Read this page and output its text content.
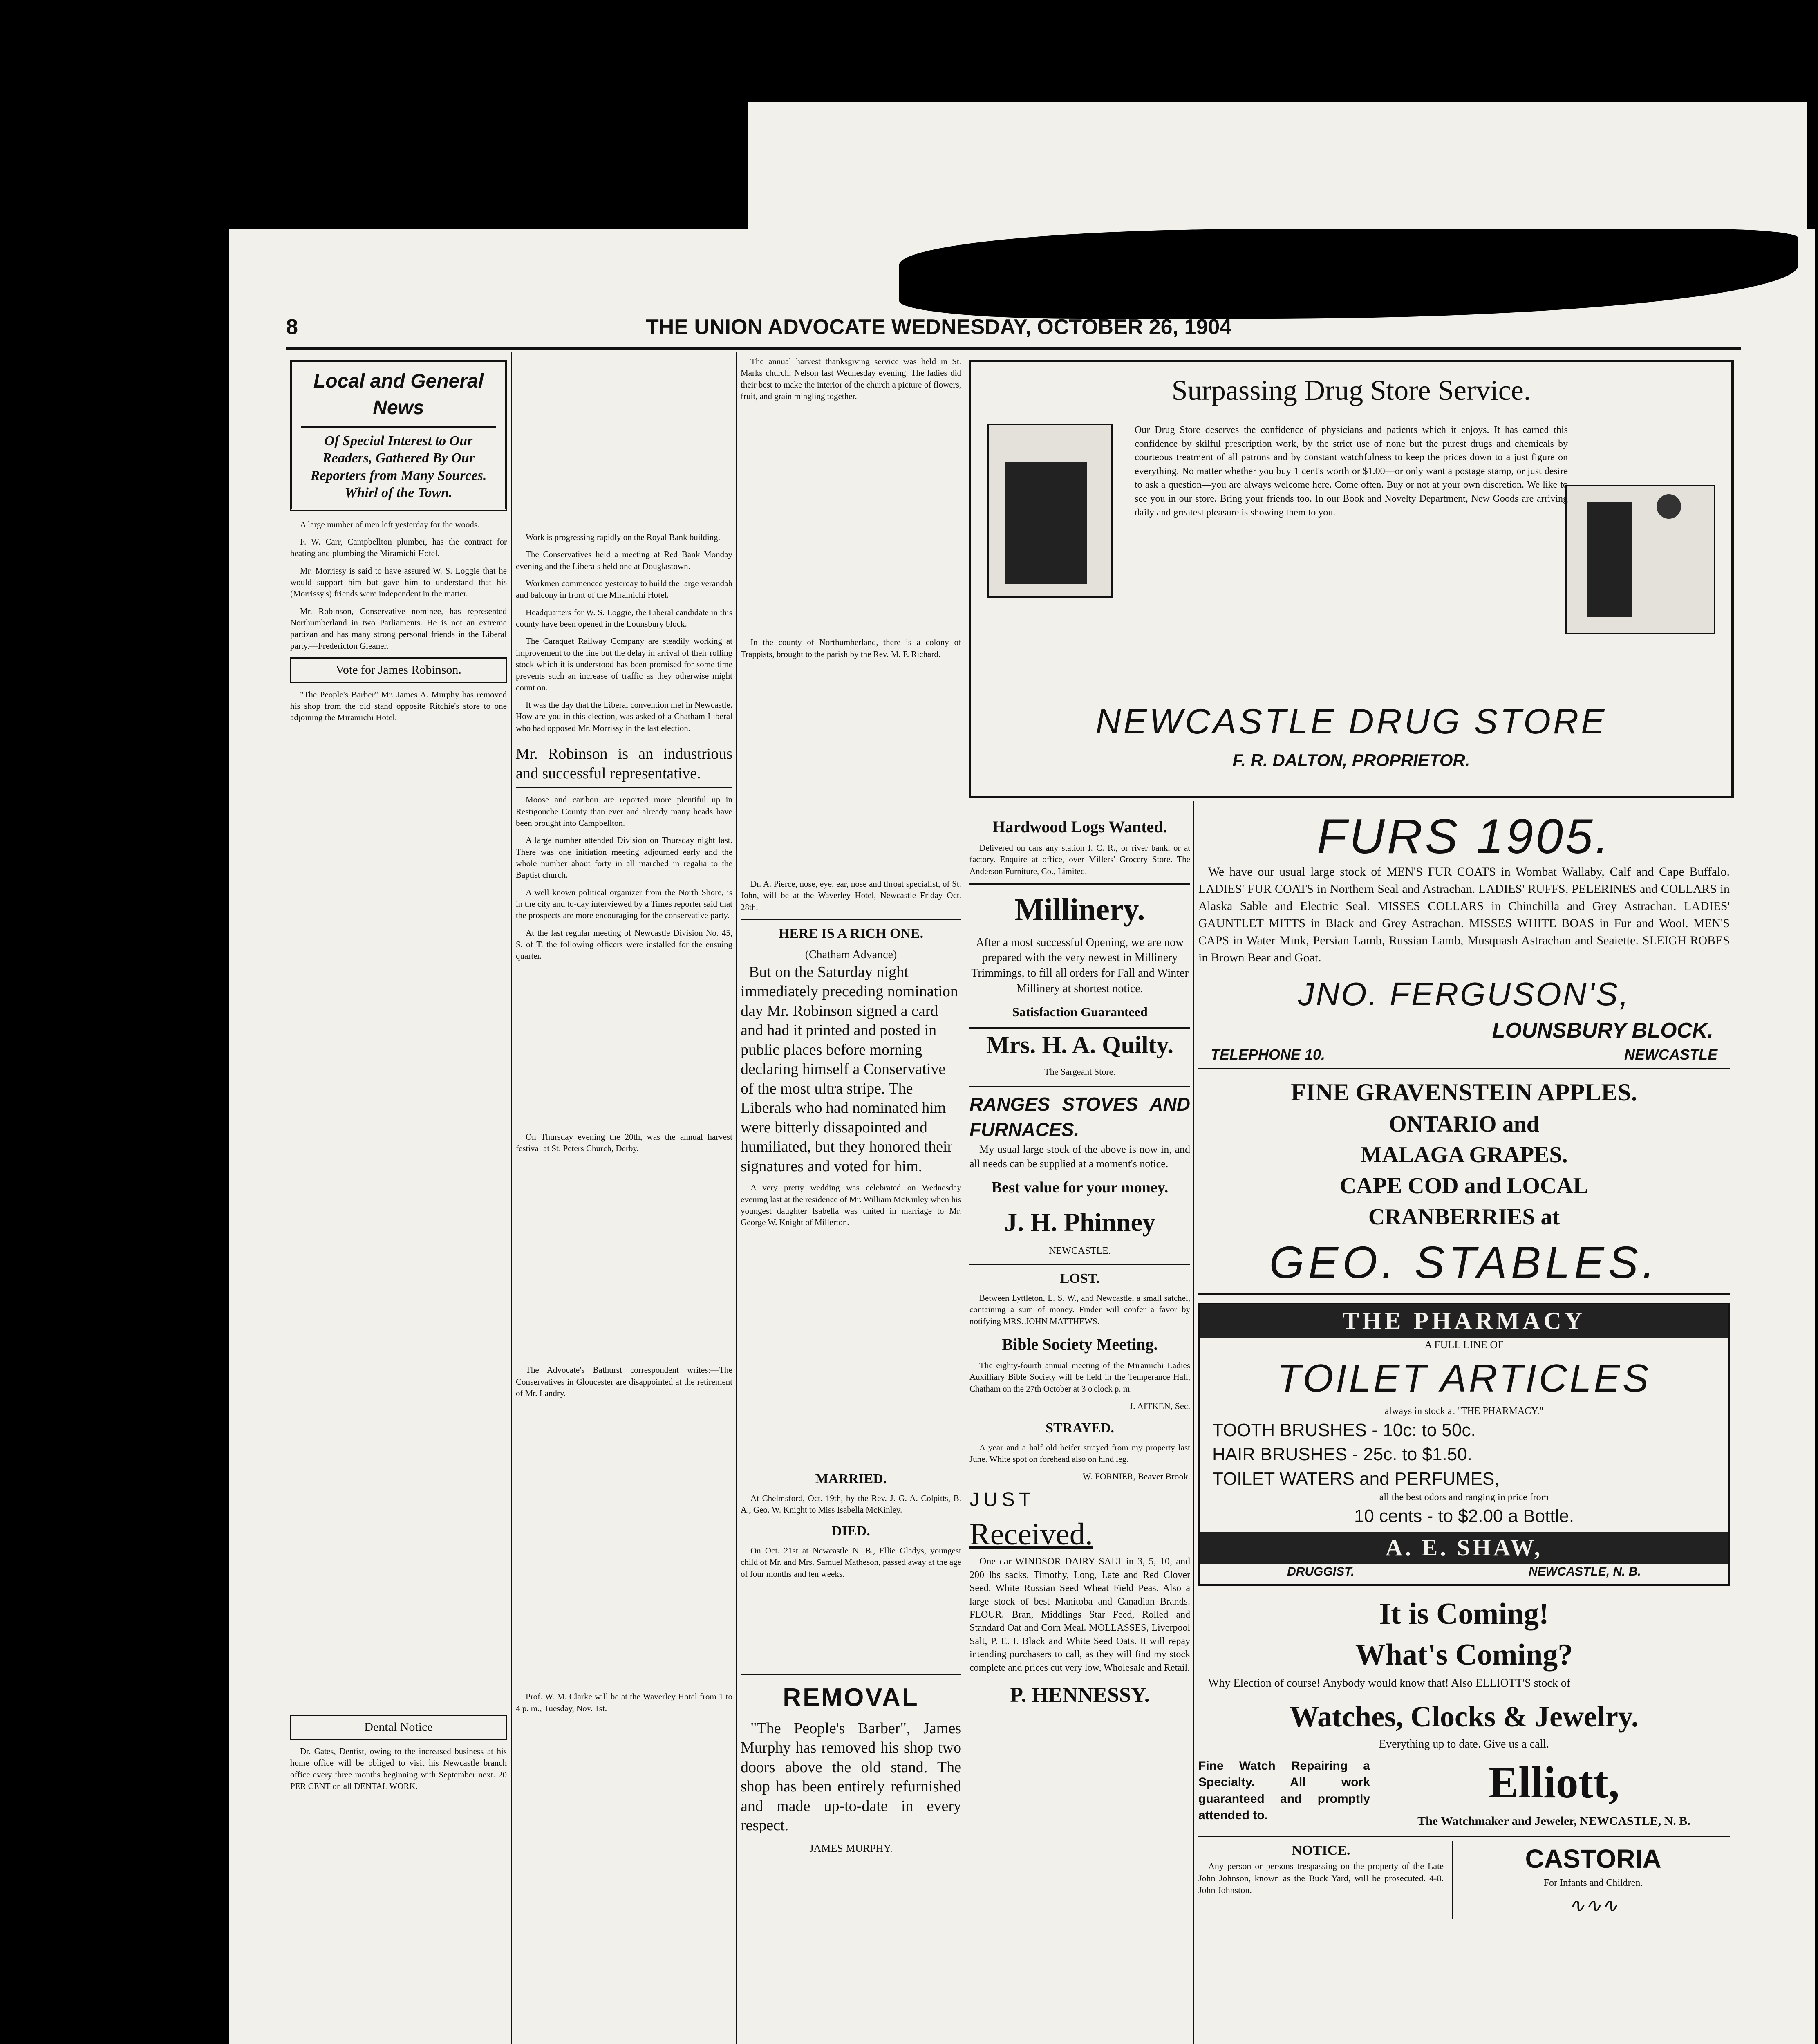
8	THE UNION ADVOCATE WEDNESDAY, OCTOBER 26, 1904
Local and General News
Of Special Interest to Our Readers, Gathered By Our Reporters from Many Sources. Whirl of the Town.

A large number of men left yesterday for the woods.

F. W. Carr, Campbellton plumber, has the contract for heating and plumbing the Miramichi Hotel.

Mr. Morrissy is said to have assured W. S. Loggie that he would support him but gave him to understand that his (Morrissy's) friends were independent in the matter.

Mr. Robinson, Conservative nominee, has represented Northumberland in two Parliaments. He is not an extreme partizan and has many strong personal friends in the Liberal party.—Fredericton Gleaner.

Vote for James Robinson.

"The People's Barber" Mr. James A. Murphy has removed his shop from the old stand opposite Ritchie's store to one adjoining the Miramichi Hotel.

Dental Notice

Dr. Gates, Dentist, owing to the increased business at his home office will be obliged to visit his Newcastle branch office every three months beginning with September next. 20 PER CENT on all DENTAL WORK.

Work is progressing rapidly on the Royal Bank building.

The Conservatives held a meeting at Red Bank Monday evening and the Liberals held one at Douglastown.

Workmen commenced yesterday to build the large verandah and balcony in front of the Miramichi Hotel.

Headquarters for W. S. Loggie, the Liberal candidate in this county have been opened in the Lounsbury block.

The Caraquet Railway Company are steadily working at improvement to the line but the delay in arrival of their rolling stock which it is understood has been promised for some time prevents such an increase of traffic as they otherwise might count on.

It was the day that the Liberal convention met in Newcastle. How are you in this election, was asked of a Chatham Liberal who had opposed Mr. Morrissy in the last election.

Mr. Robinson is an industrious and successful representative.

Moose and caribou are reported more plentiful up in Restigouche County than ever and already many heads have been brought into Campbellton.

A large number attended Division on Thursday night last. There was one initiation meeting adjourned early and the whole number about forty in all marched in regalia to the Baptist church.

A well known political organizer from the North Shore, is in the city and to-day interviewed by a Times reporter said that the prospects are more encouraging for the conservative party.

At the last regular meeting of Newcastle Division No. 45, S. of T. the following officers were installed for the ensuing quarter.

On Thursday evening the 20th, was the annual harvest festival at St. Peters Church, Derby.

The Advocate's Bathurst correspondent writes:—The Conservatives in Gloucester are disappointed at the retirement of Mr. Landry.

Prof. W. M. Clarke will be at the Waverley Hotel from 1 to 4 p. m., Tuesday, Nov. 1st.

The annual harvest thanksgiving service was held in St. Marks church, Nelson last Wednesday evening. The ladies did their best to make the interior of the church a picture of flowers, fruit, and grain mingling together.

In the county of Northumberland, there is a colony of Trappists, brought to the parish by the Rev. M. F. Richard.

Dr. A. Pierce, nose, eye, ear, nose and throat specialist, of St. John, will be at the Waverley Hotel, Newcastle Friday Oct. 28th.

HERE IS A RICH ONE.
(Chatham Advance)

But on the Saturday night immediately preceding nomination day Mr. Robinson signed a card and had it printed and posted in public places before morning declaring himself a Conservative of the most ultra stripe. The Liberals who had nominated him were bitterly dissapointed and humiliated, but they honored their signatures and voted for him.

A very pretty wedding was celebrated on Wednesday evening last at the residence of Mr. William McKinley when his youngest daughter Isabella was united in marriage to Mr. George W. Knight of Millerton.

MARRIED.

At Chelmsford, Oct. 19th, by the Rev. J. G. A. Colpitts, B. A., Geo. W. Knight to Miss Isabella McKinley.

DIED.

On Oct. 21st at Newcastle N. B., Ellie Gladys, youngest child of Mr. and Mrs. Samuel Matheson, passed away at the age of four months and ten weeks.

REMOVAL

"The People's Barber", James Murphy has removed his shop two doors above the old stand. The shop has been entirely refurnished and made up-to-date in every respect.

JAMES MURPHY.
Surpassing Drug Store Service.
Our Drug Store deserves the confidence of physicians and patients which it enjoys. It has earned this confidence by skilful prescription work, by the strict use of none but the purest drugs and chemicals by courteous treatment of all patrons and by constant watchfulness to keep the prices down to a just figure on everything. No matter whether you buy 1 cent's worth or $1.00—or only want a postage stamp, or just desire to ask a question—you are always welcome here. Come often. Buy or not at your own discretion. We like to see you in our store. Bring your friends too. In our Book and Novelty Department, New Goods are arriving daily and greatest pleasure is showing them to you.
NEWCASTLE DRUG STORE
F. R. DALTON, PROPRIETOR.
Hardwood Logs Wanted.

Delivered on cars any station I. C. R., or river bank, or at factory. Enquire at office, over Millers' Grocery Store. The Anderson Furniture, Co., Limited.

Millinery.

After a most successful Opening, we are now prepared with the very newest in Millinery Trimmings, to fill all orders for Fall and Winter Millinery at shortest notice.

Satisfaction Guaranteed
Mrs. H. A. Quilty.
The Sargeant Store.
RANGES STOVES AND FURNACES.

My usual large stock of the above is now in, and all needs can be supplied at a moment's notice.

Best value for your money.
J. H. Phinney
NEWCASTLE.
LOST.

Between Lyttleton, L. S. W., and Newcastle, a small satchel, containing a sum of money. Finder will confer a favor by notifying MRS. JOHN MATTHEWS.

Bible Society Meeting.

The eighty-fourth annual meeting of the Miramichi Ladies Auxilliary Bible Society will be held in the Temperance Hall, Chatham on the 27th October at 3 o'clock p. m.

J. AITKEN, Sec.
STRAYED.

A year and a half old heifer strayed from my property last June. White spot on forehead also on hind leg.

W. FORNIER, Beaver Brook.
JUST
Received.

One car WINDSOR DAIRY SALT in 3, 5, 10, and 200 lbs sacks. Timothy, Long, Late and Red Clover Seed. White Russian Seed Wheat Field Peas. Also a large stock of best Manitoba and Canadian Brands. FLOUR. Bran, Middlings Star Feed, Rolled and Standard Oat and Corn Meal. MOLLASSES, Liverpool Salt, P. E. I. Black and White Seed Oats. It will repay intending purchasers to call, as they will find my stock complete and prices cut very low, Wholesale and Retail.

P. HENNESSY.
FURS 1905.

We have our usual large stock of MEN'S FUR COATS in Wombat Wallaby, Calf and Cape Buffalo. LADIES' FUR COATS in Northern Seal and Astrachan. LADIES' RUFFS, PELERINES and COLLARS in Alaska Sable and Electric Seal. MISSES COLLARS in Chinchilla and Grey Astrachan. LADIES' GAUNTLET MITTS in Black and Grey Astrachan. MISSES WHITE BOAS in Fur and Wool. MEN'S CAPS in Water Mink, Persian Lamb, Russian Lamb, Musquash Astrachan and Seaiette. SLEIGH ROBES in Brown Bear and Goat.

JNO. FERGUSON'S,
LOUNSBURY BLOCK.
TELEPHONE 10.	NEWCASTLE
FINE GRAVENSTEIN APPLES.
ONTARIO and
MALAGA GRAPES.
CAPE COD and LOCAL
CRANBERRIES at
GEO. STABLES.
THE PHARMACY
A FULL LINE OF
TOILET ARTICLES
always in stock at "THE PHARMACY."
TOOTH BRUSHES - 10c: to 50c.
HAIR BRUSHES - 25c. to $1.50.
TOILET WATERS and PERFUMES,
all the best odors and ranging in price from
10 cents - to $2.00 a Bottle.
A. E. SHAW,
DRUGGIST.	NEWCASTLE, N. B.
It is Coming!
What's Coming?

Why Election of course! Anybody would know that! Also ELLIOTT'S stock of

Watches, Clocks & Jewelry.
Everything up to date. Give us a call.
Fine Watch Repairing a Specialty. All work guaranteed and promptly attended to.
Elliott,
The Watchmaker and Jeweler, NEWCASTLE, N. B.
NOTICE.

Any person or persons trespassing on the property of the Late John Johnson, known as the Buck Yard, will be prosecuted. 4-8. John Johnston.

CASTORIA
For Infants and Children.
∿∿∿
